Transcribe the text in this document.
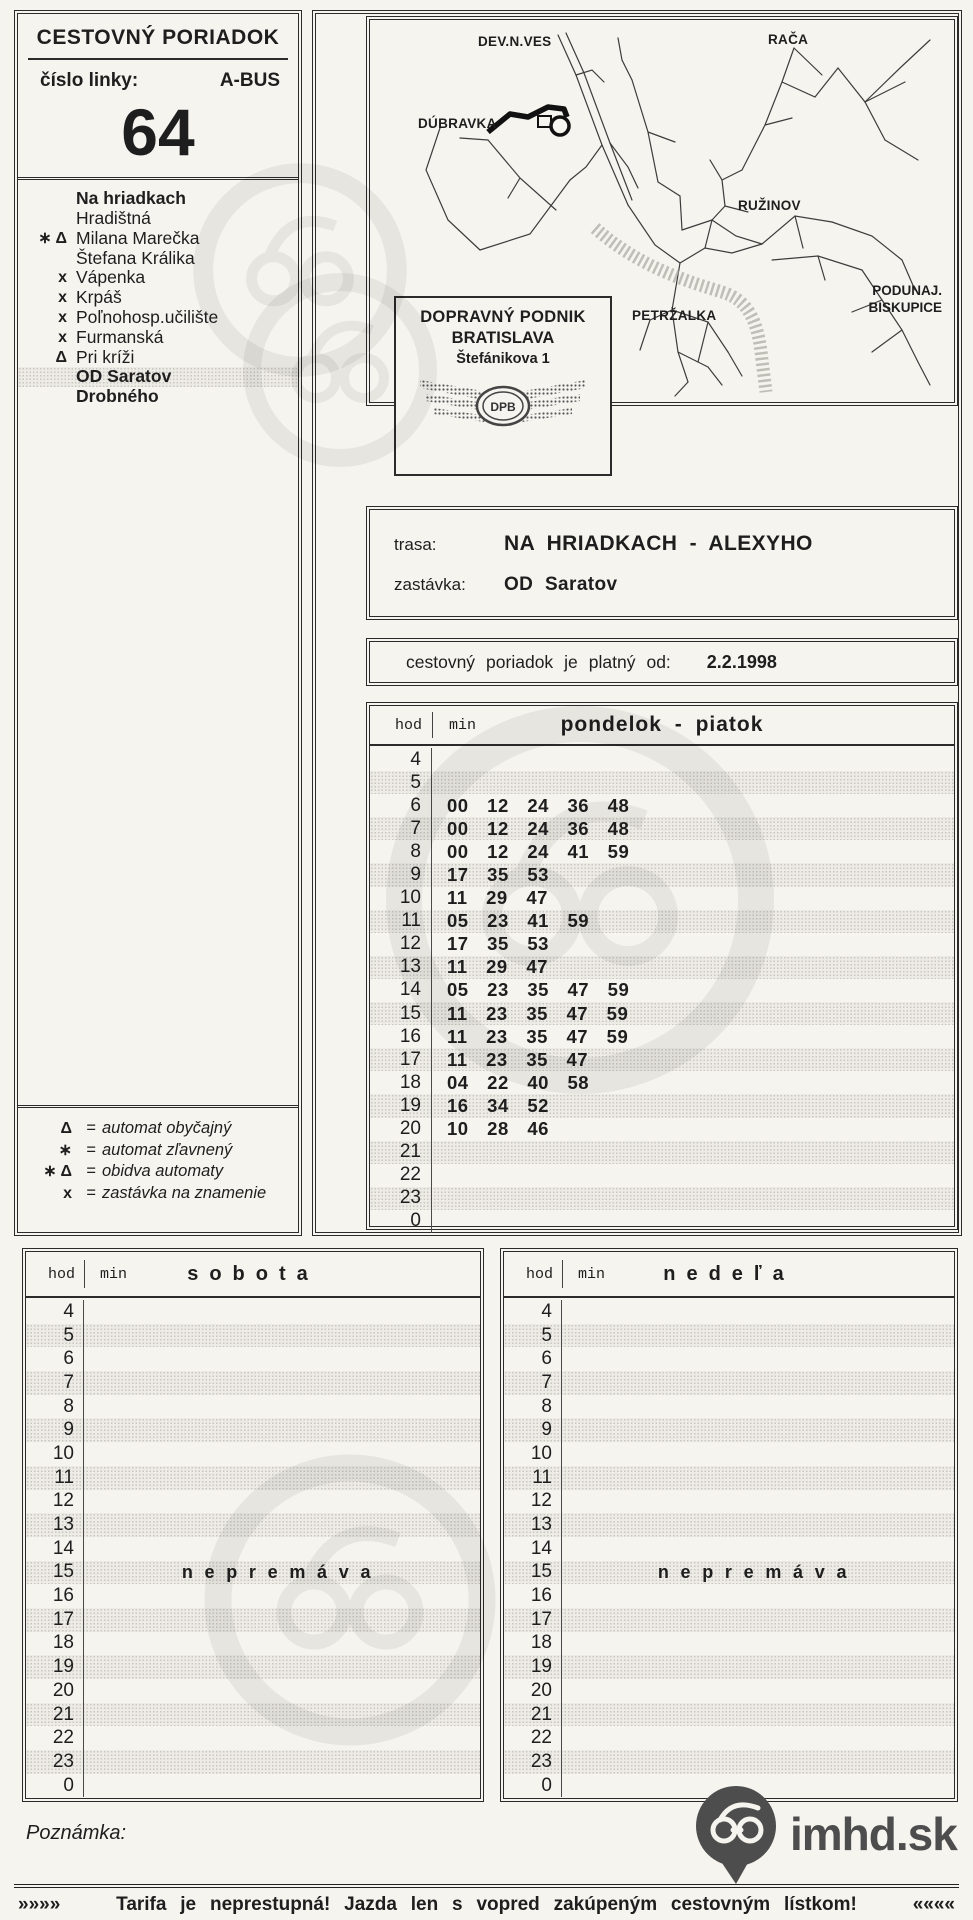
CESTOVNÝ PORIADOK
číslo linky:	A-BUS
64
Na hriadkach
Hradištná
∗ Δ Milana Marečka
Štefana Králika
x Vápenka
x Krpáš
x Poľnohosp.učilište
x Furmanská
Δ Pri kríži
OD Saratov
Drobného
Δ = automat obyčajný
∗ = automat zľavnený
∗ Δ = obidva automaty
x = zastávka na znamenie
DEV.N.VES	RAČA
DÚBRAVKA
RUŽINOV
PETRŽALKA
PODUNAJ.
BISKUPICE
DOPRAVNÝ PODNIK
BRATISLAVA
Štefánikova 1
DPB
trasa:	NA HRIADKACH - ALEXYHO
zastávka:	OD Saratov
cestovný poriadok je platný od: 2.2.1998
hod	min	pondelok - piatok
4
5
6	00 12 24 36 48
7	00 12 24 36 48
8	00 12 24 41 59
9	17 35 53
10	11 29 47
11	05 23 41 59
12	17 35 53
13	11 29 47
14	05 23 35 47 59
15	11 23 35 47 59
16	11 23 35 47 59
17	11 23 35 47
18	04 22 40 58
19	16 34 52
20	10 28 46
21
22
23
0
hod	min	sobota
4
5
6
7
8
9
10
11
12
13
14
15	nepremáva
16
17
18
19
20
21
22
23
0
hod	min	nedeľa
4
5
6
7
8
9
10
11
12
13
14
15	nepremáva
16
17
18
19
20
21
22
23
0
Poznámka:	imhd.sk
»»»»	Tarifa je neprestupná! Jazda len s vopred zakúpeným cestovným lístkom!	««««
